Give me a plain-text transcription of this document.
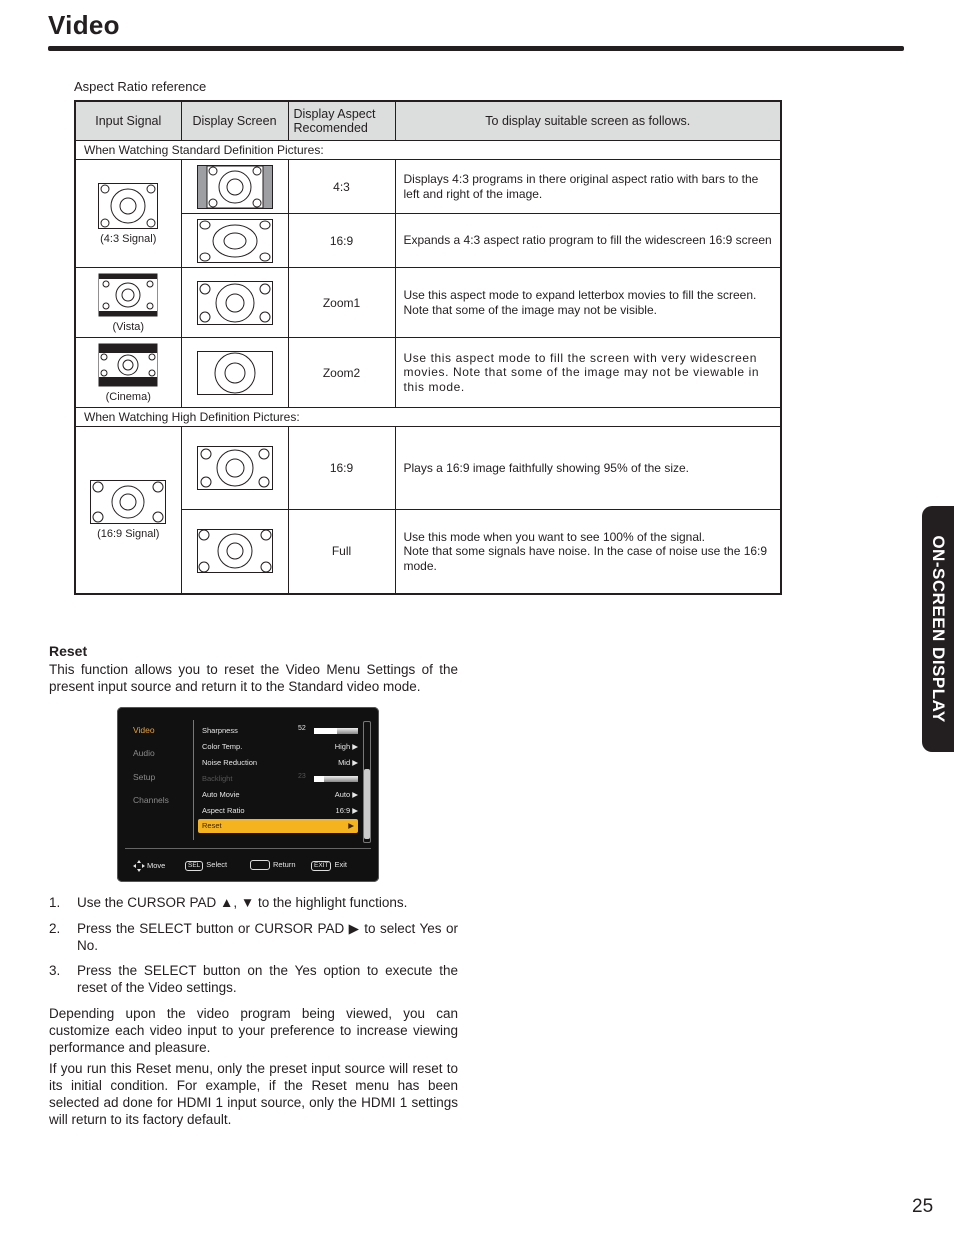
Video
ON-SCREEN DISPLAY
Aspect Ratio reference
Input Signal	Display Screen	Display Aspect Recomended	To display suitable screen as follows.
When Watching Standard Definition Pictures:			

(4:3 Signal)		4:3	Displays 4:3 programs in there original aspect ratio with bars to the left and right of the image.

	16:9	Expands a 4:3 aspect ratio program to fill the widescreen 16:9 screen

(Vista)		Zoom1	Use this aspect mode to expand letterbox movies to fill the screen. Note that some of the image may not be visible.

(Cinema)		Zoom2	Use this aspect mode to fill the screen with very widescreen movies. Note that some of the image may not be viewable in this mode.
When Watching High Definition Pictures:			

(16:9 Signal)		16:9	Plays a 16:9 image faithfully showing 95% of the size.

	Full	Use this mode when you want to see 100% of the signal.
Note that some signals have noise. In the case of noise use the 16:9 mode.
Reset
This function allows you to reset the Video Menu Settings of the present input source and return it to the Standard video mode.
Video
Audio
Setup
Channels
Sharpness	52
Color Temp.	High ▶
Noise Reduction	Mid ▶
Backlight	23
Auto Movie	Auto ▶
Aspect Ratio	16:9 ▶
Reset	▶
Move	SEL Select	Return	EXIT Exit
1. Use the CURSOR PAD ▲, ▼ to the highlight functions.
2. Press the SELECT button or CURSOR PAD ▶ to select Yes or No.
3. Press the SELECT button on the Yes option to execute the reset of the Video settings.
Depending upon the video program being viewed, you can customize each video input to your preference to increase viewing performance and pleasure.
If you run this Reset menu, only the preset input source will reset to its initial condition. For example, if the Reset menu has been selected ad done for HDMI 1 input source, only the HDMI 1 settings will return to its factory default.
25
